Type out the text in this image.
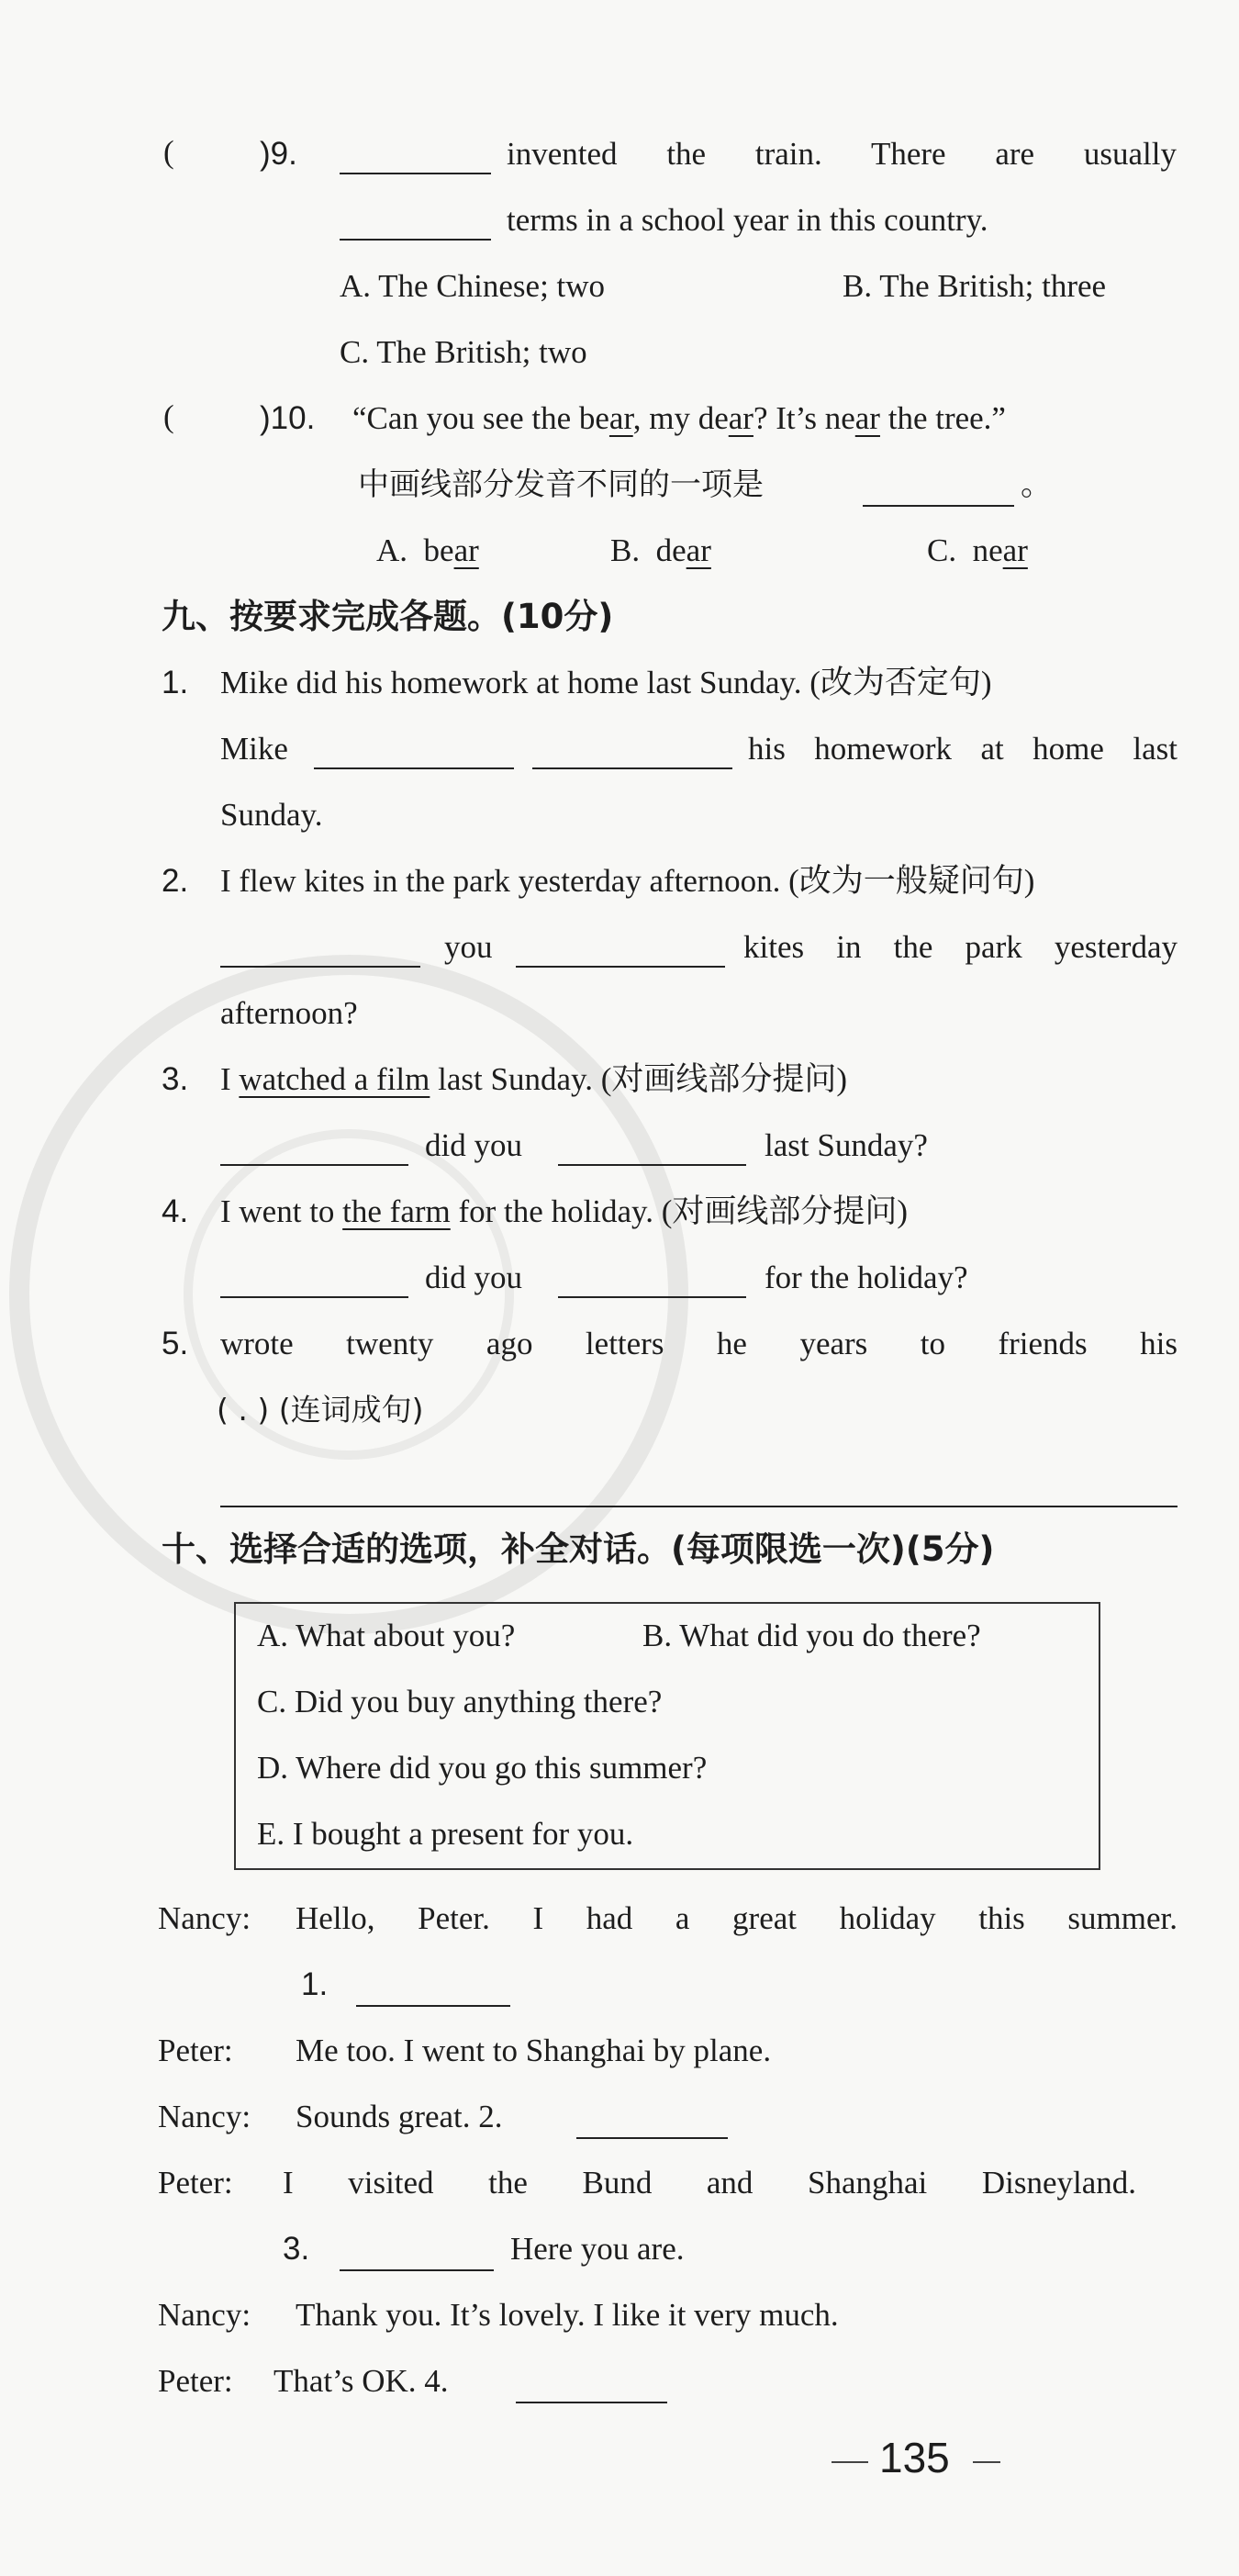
(	)9.	invented the train. There are usually
terms in a school year in this country.
A. The Chinese; two	B. The British; three
C. The British; two
(	)10. “Can you see the bear, my dear? It’s near the tree.”
中画线部分发音不同的一项是	。
A.  bear	B.  dear	C.  near
九、按要求完成各题。(10分)
1. Mike did his homework at home last Sunday. (改为否定句)
Mike	his homework at home last
Sunday.
2. I flew kites in the park yesterday afternoon. (改为一般疑问句)
you	kites in the park yesterday
afternoon?
3. I watched a film last Sunday. (对画线部分提问)
did you	last Sunday?
4. I went to the farm for the holiday. (对画线部分提问)
did you	for the holiday?
5. wrote twenty ago letters he years to friends his
( . ) (连词成句)
十、选择合适的选项，补全对话。(每项限选一次)(5分)
A. What about you?	B. What did you do there?
C. Did you buy anything there?
D. Where did you go this summer?
E. I bought a present for you.
Nancy: Hello, Peter. I had a great holiday this summer.
1.
Peter: Me too. I went to Shanghai by plane.
Nancy: Sounds great. 2.
Peter: I visited the Bund and Shanghai Disneyland.
3.	Here you are.
Nancy: Thank you. It’s lovely. I like it very much.
Peter: That’s OK. 4.
135
